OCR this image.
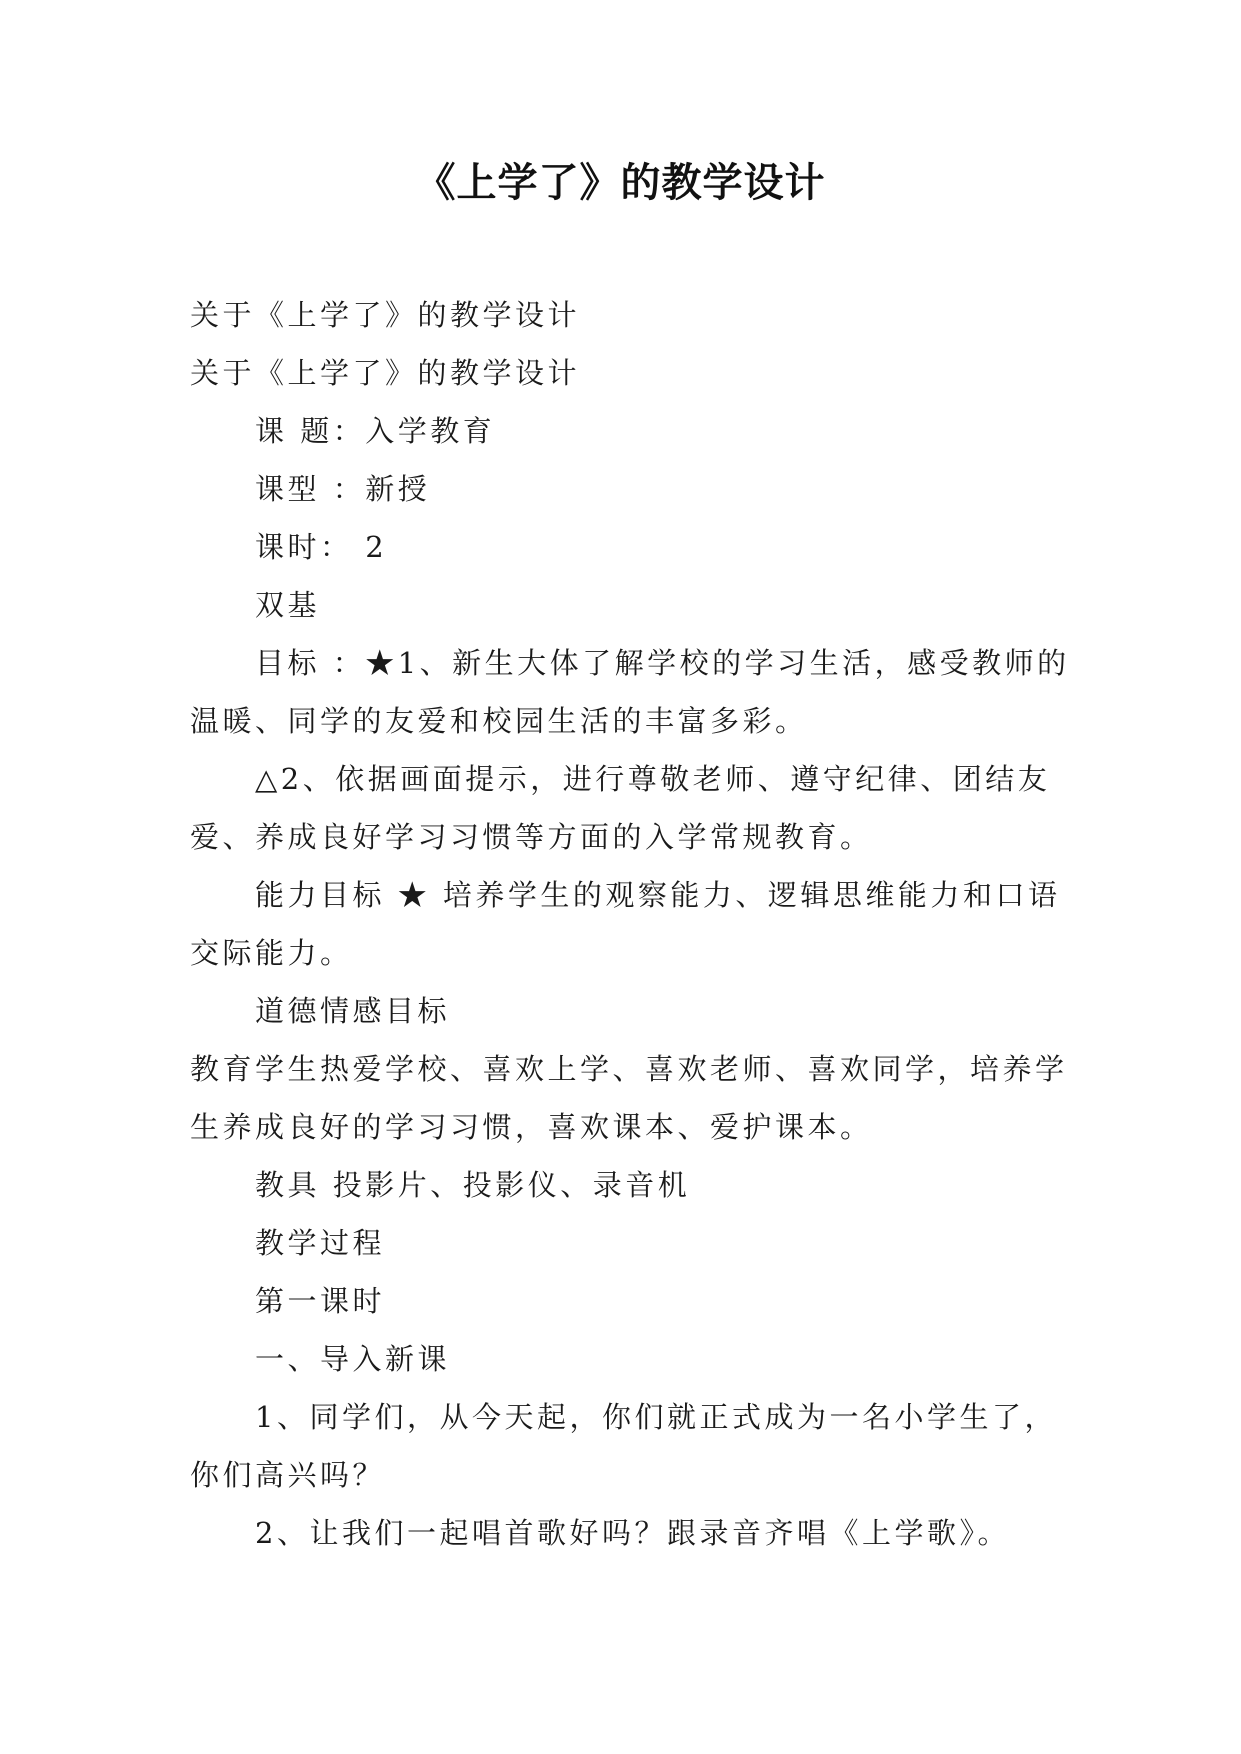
《上学了》的教学设计

关于《上学了》的教学设计

关于《上学了》的教学设计

课 题：入学教育

课型 ：新授

课时： 2

双基

目标 ：★1、新生大体了解学校的学习生活，感受教师的温暖、同学的友爱和校园生活的丰富多彩。

△2、依据画面提示，进行尊敬老师、遵守纪律、团结友爱、养成良好学习习惯等方面的入学常规教育。

能力目标 ★ 培养学生的观察能力、逻辑思维能力和口语交际能力。

道德情感目标

教育学生热爱学校、喜欢上学、喜欢老师、喜欢同学，培养学生养成良好的学习习惯，喜欢课本、爱护课本。

教具 投影片、投影仪、录音机

教学过程

第一课时

一、导入新课

1、同学们，从今天起，你们就正式成为一名小学生了，你们高兴吗？

2、让我们一起唱首歌好吗？跟录音齐唱《上学歌》。
